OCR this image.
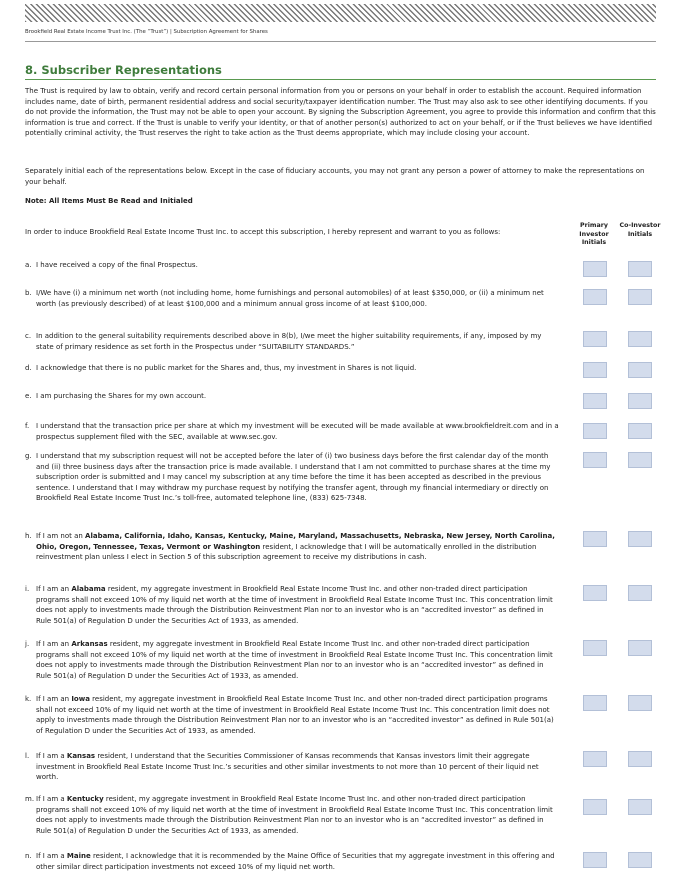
Brookfield Real Estate Income Trust Inc. (The “Trust”) | Subscription Agreement for Shares
8. Subscriber Representations
The Trust is required by law to obtain, verify and record certain personal information from you or persons on your behalf in order to establish the account. Required information includes name, date of birth, permanent residential address and social security/taxpayer identification number. The Trust may also ask to see other identifying documents. If you do not provide the information, the Trust may not be able to open your account. By signing the Subscription Agreement, you agree to provide this information and confirm that this information is true and correct. If the Trust is unable to verify your identity, or that of another person(s) authorized to act on your behalf, or if the Trust believes we have identified potentially criminal activity, the Trust reserves the right to take action as the Trust deems appropriate, which may include closing your account.
Separately initial each of the representations below. Except in the case of fiduciary accounts, you may not grant any person a power of attorney to make the representations on your behalf.
Note: All Items Must Be Read and Initialed
In order to induce Brookfield Real Estate Income Trust Inc. to accept this subscription, I hereby represent and warrant to you as follows:
Primary Investor Initials
Co-Investor Initials
a. I have received a copy of the final Prospectus.
b. I/We have (i) a minimum net worth (not including home, home furnishings and personal automobiles) of at least $350,000, or (ii) a minimum net worth (as previously described) of at least $100,000 and a minimum annual gross income of at least $100,000.
c. In addition to the general suitability requirements described above in 8(b), I/we meet the higher suitability requirements, if any, imposed by my state of primary residence as set forth in the Prospectus under “SUITABILITY STANDARDS.”
d. I acknowledge that there is no public market for the Shares and, thus, my investment in Shares is not liquid.
e. I am purchasing the Shares for my own account.
f. I understand that the transaction price per share at which my investment will be executed will be made available at www.brookfieldreit.com and in a prospectus supplement filed with the SEC, available at www.sec.gov.
g. I understand that my subscription request will not be accepted before the later of (i) two business days before the first calendar day of the month and (ii) three business days after the transaction price is made available. I understand that I am not committed to purchase shares at the time my subscription order is submitted and I may cancel my subscription at any time before the time it has been accepted as described in the previous sentence. I understand that I may withdraw my purchase request by notifying the transfer agent, through my financial intermediary or directly on Brookfield Real Estate Income Trust Inc.’s toll-free, automated telephone line, (833) 625-7348.
h. If I am not an Alabama, California, Idaho, Kansas, Kentucky, Maine, Maryland, Massachusetts, Nebraska, New Jersey, North Carolina, Ohio, Oregon, Tennessee, Texas, Vermont or Washington resident, I acknowledge that I will be automatically enrolled in the distribution reinvestment plan unless I elect in Section 5 of this subscription agreement to receive my distributions in cash.
i. If I am an Alabama resident, my aggregate investment in Brookfield Real Estate Income Trust Inc. and other non-traded direct participation programs shall not exceed 10% of my liquid net worth at the time of investment in Brookfield Real Estate Income Trust Inc. This concentration limit does not apply to investments made through the Distribution Reinvestment Plan nor to an investor who is an “accredited investor” as defined in Rule 501(a) of Regulation D under the Securities Act of 1933, as amended.
j. If I am an Arkansas resident, my aggregate investment in Brookfield Real Estate Income Trust Inc. and other non-traded direct participation programs shall not exceed 10% of my liquid net worth at the time of investment in Brookfield Real Estate Income Trust Inc. This concentration limit does not apply to investments made through the Distribution Reinvestment Plan nor to an investor who is an “accredited investor” as defined in Rule 501(a) of Regulation D under the Securities Act of 1933, as amended.
k. If I am an Iowa resident, my aggregate investment in Brookfield Real Estate Income Trust Inc. and other non-traded direct participation programs shall not exceed 10% of my liquid net worth at the time of investment in Brookfield Real Estate Income Trust Inc. This concentration limit does not apply to investments made through the Distribution Reinvestment Plan nor to an investor who is an “accredited investor” as defined in Rule 501(a) of Regulation D under the Securities Act of 1933, as amended.
l. If I am a Kansas resident, I understand that the Securities Commissioner of Kansas recommends that Kansas investors limit their aggregate investment in Brookfield Real Estate Income Trust Inc.’s securities and other similar investments to not more than 10 percent of their liquid net worth.
m. If I am a Kentucky resident, my aggregate investment in Brookfield Real Estate Income Trust Inc. and other non-traded direct participation programs shall not exceed 10% of my liquid net worth at the time of investment in Brookfield Real Estate Income Trust Inc. This concentration limit does not apply to investments made through the Distribution Reinvestment Plan nor to an investor who is an “accredited investor” as defined in Rule 501(a) of Regulation D under the Securities Act of 1933, as amended.
n. If I am a Maine resident, I acknowledge that it is recommended by the Maine Office of Securities that my aggregate investment in this offering and other similar direct participation investments not exceed 10% of my liquid net worth.
